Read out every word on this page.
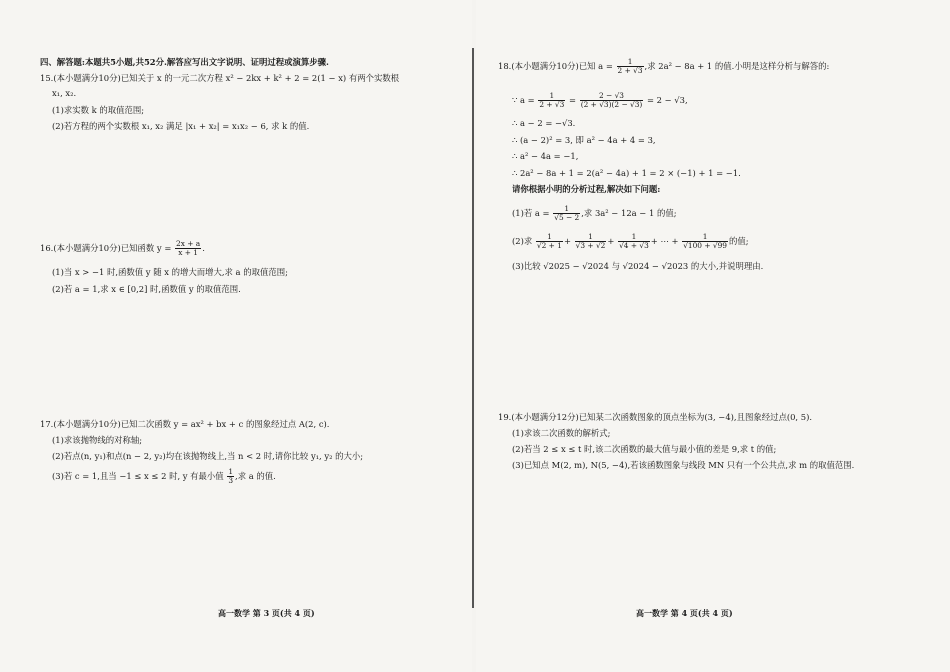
四、解答题:本题共5小题,共52分.解答应写出文字说明、证明过程或演算步骤.
15.(本小题满分10分)已知关于 x 的一元二次方程 x² − 2kx + k² + 2 = 2(1 − x) 有两个实数根
x₁, x₂.
(1)求实数 k 的取值范围;
(2)若方程的两个实数根 x₁, x₂ 满足 |x₁ + x₂| = x₁x₂ − 6, 求 k 的值.
16.(本小题满分10分)已知函数 $y = \frac{2x + a}{x + 1}$ .
(1)当 x > −1 时,函数值 y 随 x 的增大而增大,求 a 的取值范围;
(2)若 a = 1,求 x ∈ [0,2] 时,函数值 y 的取值范围.
17.(本小题满分10分)已知二次函数 y = ax² + bx + c 的图象经过点 A(2, c).
(1)求该抛物线的对称轴;
(2)若点(n, y₁)和点(n − 2, y₂)均在该抛物线上,当 n < 2 时,请你比较 y₁, y₂ 的大小;
(3)若 c = 1,且当 −1 ≤ x ≤ 2 时, y 有最小值 $\frac{1}{3}$ ,求 a 的值.
高一数学 第 3 页(共 4 页)
18.(本小题满分10分)已知 $a = \frac{1}{2 + √3}$ ,求 2a² − 8a + 1 的值.小明是这样分析与解答的:
∵ $a = \frac{1}{2 + √3} = \frac{2 - √3}{(2 + √3)(2 - √3)} = 2 - √3$,
∴ a − 2 = −√3.
∴ (a − 2)² = 3, 即 a² − 4a + 4 = 3,
∴ a² − 4a = −1,
∴ 2a² − 8a + 1 = 2(a² − 4a) + 1 = 2 × (−1) + 1 = −1.
请你根据小明的分析过程,解决如下问题:
(1)若 $a = \frac{1}{√5 - 2}$ ,求 3a² − 12a − 1 的值;
(2)求 $\frac{1}{√2 + 1} + \frac{1}{√3 + √2} + \frac{1}{√4 + √3}$ + ⋯ + $\frac{1}{√100 + √99}$ 的值;
(3)比较 √2025 − √2024 与 √2024 − √2023 的大小,并说明理由.
19.(本小题满分12分)已知某二次函数图象的顶点坐标为(3, −4),且图象经过点(0, 5).
(1)求该二次函数的解析式;
(2)若当 2 ≤ x ≤ t 时,该二次函数的最大值与最小值的差是 9,求 t 的值;
(3)已知点 M(2, m), N(5, −4),若该函数图象与线段 MN 只有一个公共点,求 m 的取值范围.
高一数学 第 4 页(共 4 页)
